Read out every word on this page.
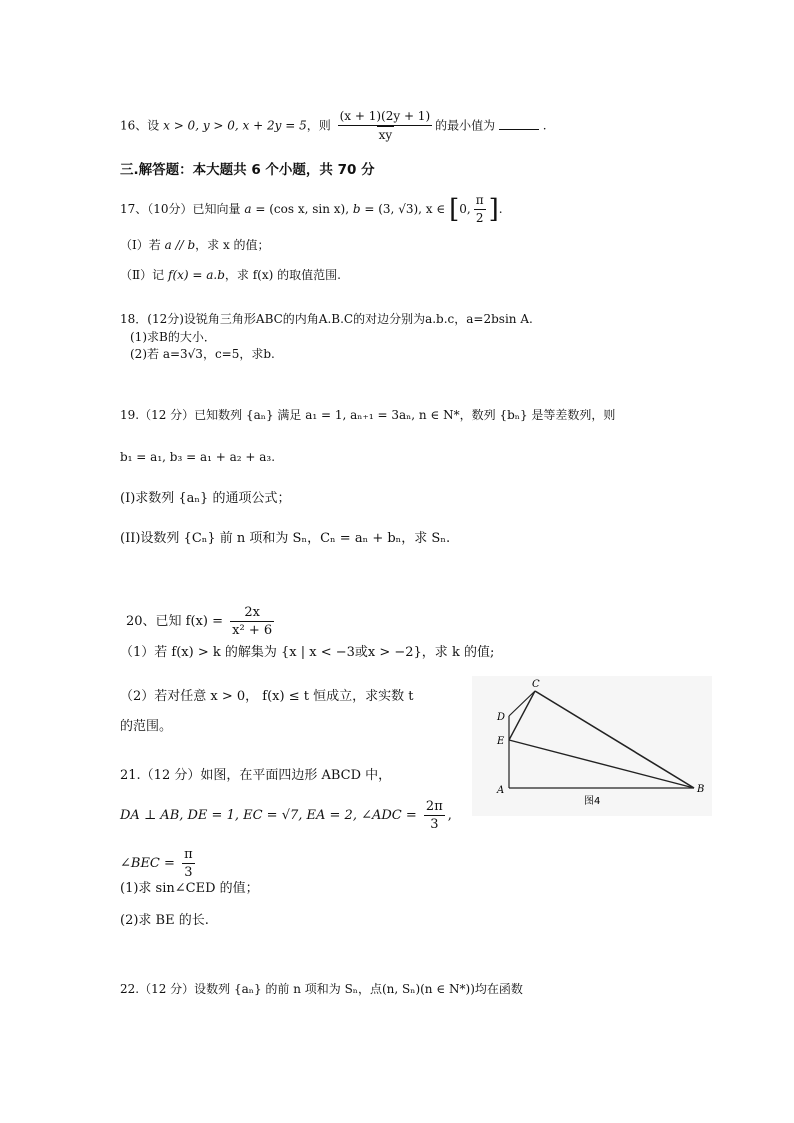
16、设 x > 0, y > 0, x + 2y = 5，则 $\frac{(x + 1)(2y + 1)}{xy}$ 的最小值为	.
三.解答题：本大题共 6 个小题，共 70 分
17、（10分）已知向量 a = (cos x, sin x), b = (3, √3), x ∈ [0, $\frac{\pi}{2}$ ].
（Ⅰ）若 a // b，求 x 的值；
（Ⅱ）记 f(x) = a.b，求 f(x) 的取值范围.
18．(12分)设锐角三角形ABC的内角A.B.C的对边分别为a.b.c，a=2bsin A.
(1)求B的大小．
(2)若 a=3√3，c=5，求b.
19.（12 分）已知数列 {aₙ} 满足 a₁ = 1, aₙ₊₁ = 3aₙ, n ∈ N*，数列 {bₙ} 是等差数列，则
b₁ = a₁, b₃ = a₁ + a₂ + a₃.
(I)求数列 {aₙ} 的通项公式；
(II)设数列 {Cₙ} 前 n 项和为 Sₙ，Cₙ = aₙ + bₙ，求 Sₙ.
20、已知 $f(x) = \frac{2x}{\text{x² + 6}}$
（1）若 f(x) > k 的解集为 {x | x < −3或x > −2}，求 k 的值;
（2）若对任意 x > 0， f(x) ≤ t 恒成立，求实数 t
的范围。
C
D
E
A	B
图4
21.（12 分）如图，在平面四边形 ABCD 中，
DA ⊥ AB, DE = 1, EC = √7, EA = 2, ∠ADC = $\frac{2\pi}{3}$ ,
∠BEC = $\frac{\pi}{3}$
(1)求 sin∠CED 的值；
(2)求 BE 的长.
22.（12 分）设数列 {aₙ} 的前 n 项和为 Sₙ，点(n, Sₙ)(n ∈ N*))均在函数
